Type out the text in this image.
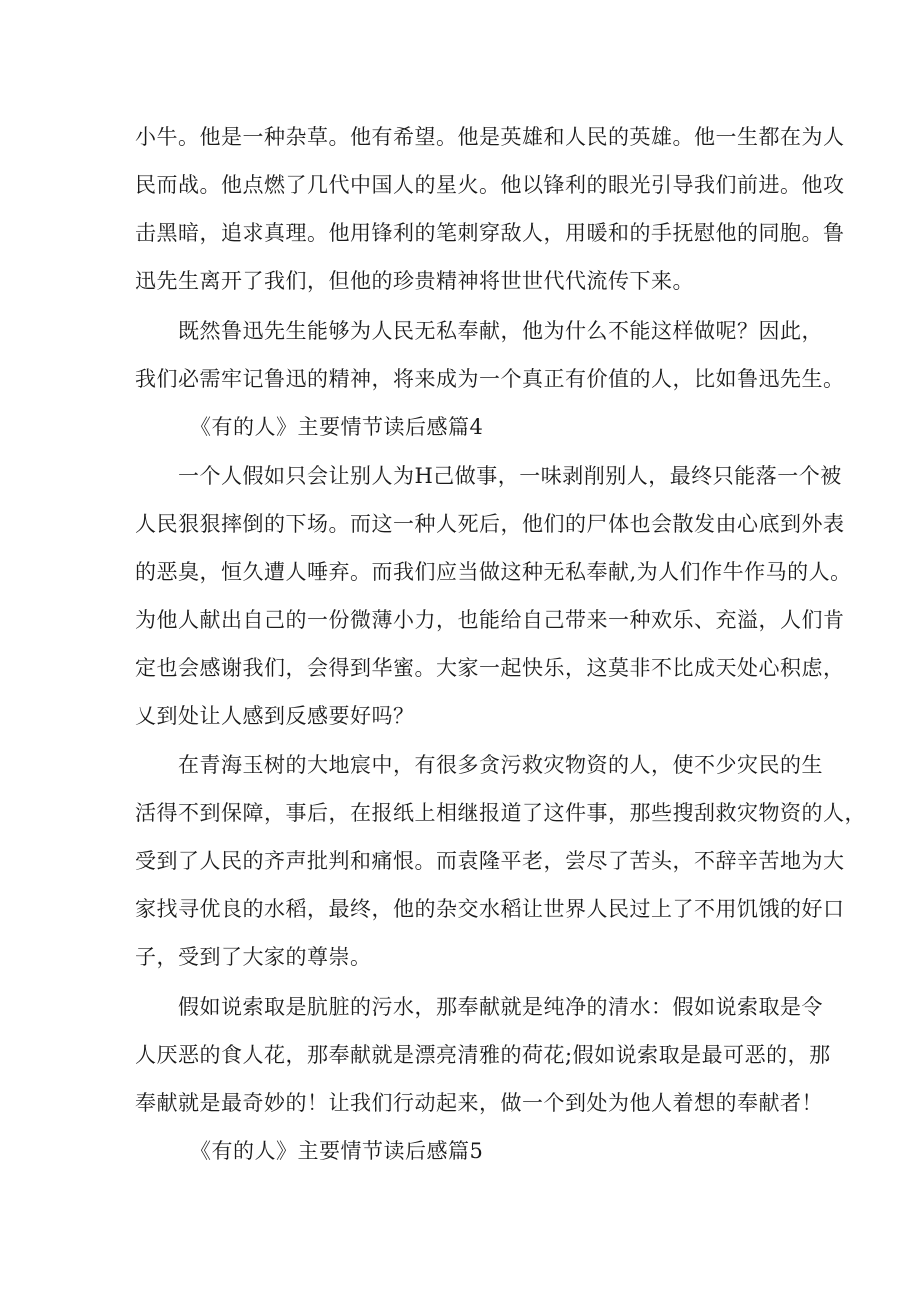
小牛。他是一种杂草。他有希望。他是英雄和人民的英雄。他一生都在为人
民而战。他点燃了几代中国人的星火。他以锋利的眼光引导我们前进。他攻
击黑暗，追求真理。他用锋利的笔刺穿敌人，用暖和的手抚慰他的同胞。鲁
迅先生离开了我们，但他的珍贵精神将世世代代流传下来。
既然鲁迅先生能够为人民无私奉献，他为什么不能这样做呢？因此，
我们必需牢记鲁迅的精神，将来成为一个真正有价值的人，比如鲁迅先生。
《有的人》主要情节读后感篇4
一个人假如只会让别人为H己做事，一味剥削别人，最终只能落一个被
人民狠狠摔倒的下场。而这一种人死后，他们的尸体也会散发由心底到外表
的恶臭，恒久遭人唾弃。而我们应当做这种无私奉献,为人们作牛作马的人。
为他人献出自己的一份微薄小力，也能给自己带来一种欢乐、充溢，人们肯
定也会感谢我们，会得到华蜜。大家一起快乐，这莫非不比成天处心积虑，
乂到处让人感到反感要好吗？
在青海玉树的大地宸中，有很多贪污救灾物资的人，使不少灾民的生
活得不到保障，事后，在报纸上相继报道了这件事，那些搜刮救灾物资的人，
受到了人民的齐声批判和痛恨。而袁隆平老，尝尽了苦头，不辞辛苦地为大
家找寻优良的水稻，最终，他的杂交水稻让世界人民过上了不用饥饿的好口
子，受到了大家的尊崇。
假如说索取是肮脏的污水，那奉献就是纯净的清水：假如说索取是令
人厌恶的食人花，那奉献就是漂亮清雅的荷花;假如说索取是最可恶的，那
奉献就是最奇妙的！让我们行动起来，做一个到处为他人着想的奉献者！
《有的人》主要情节读后感篇5
